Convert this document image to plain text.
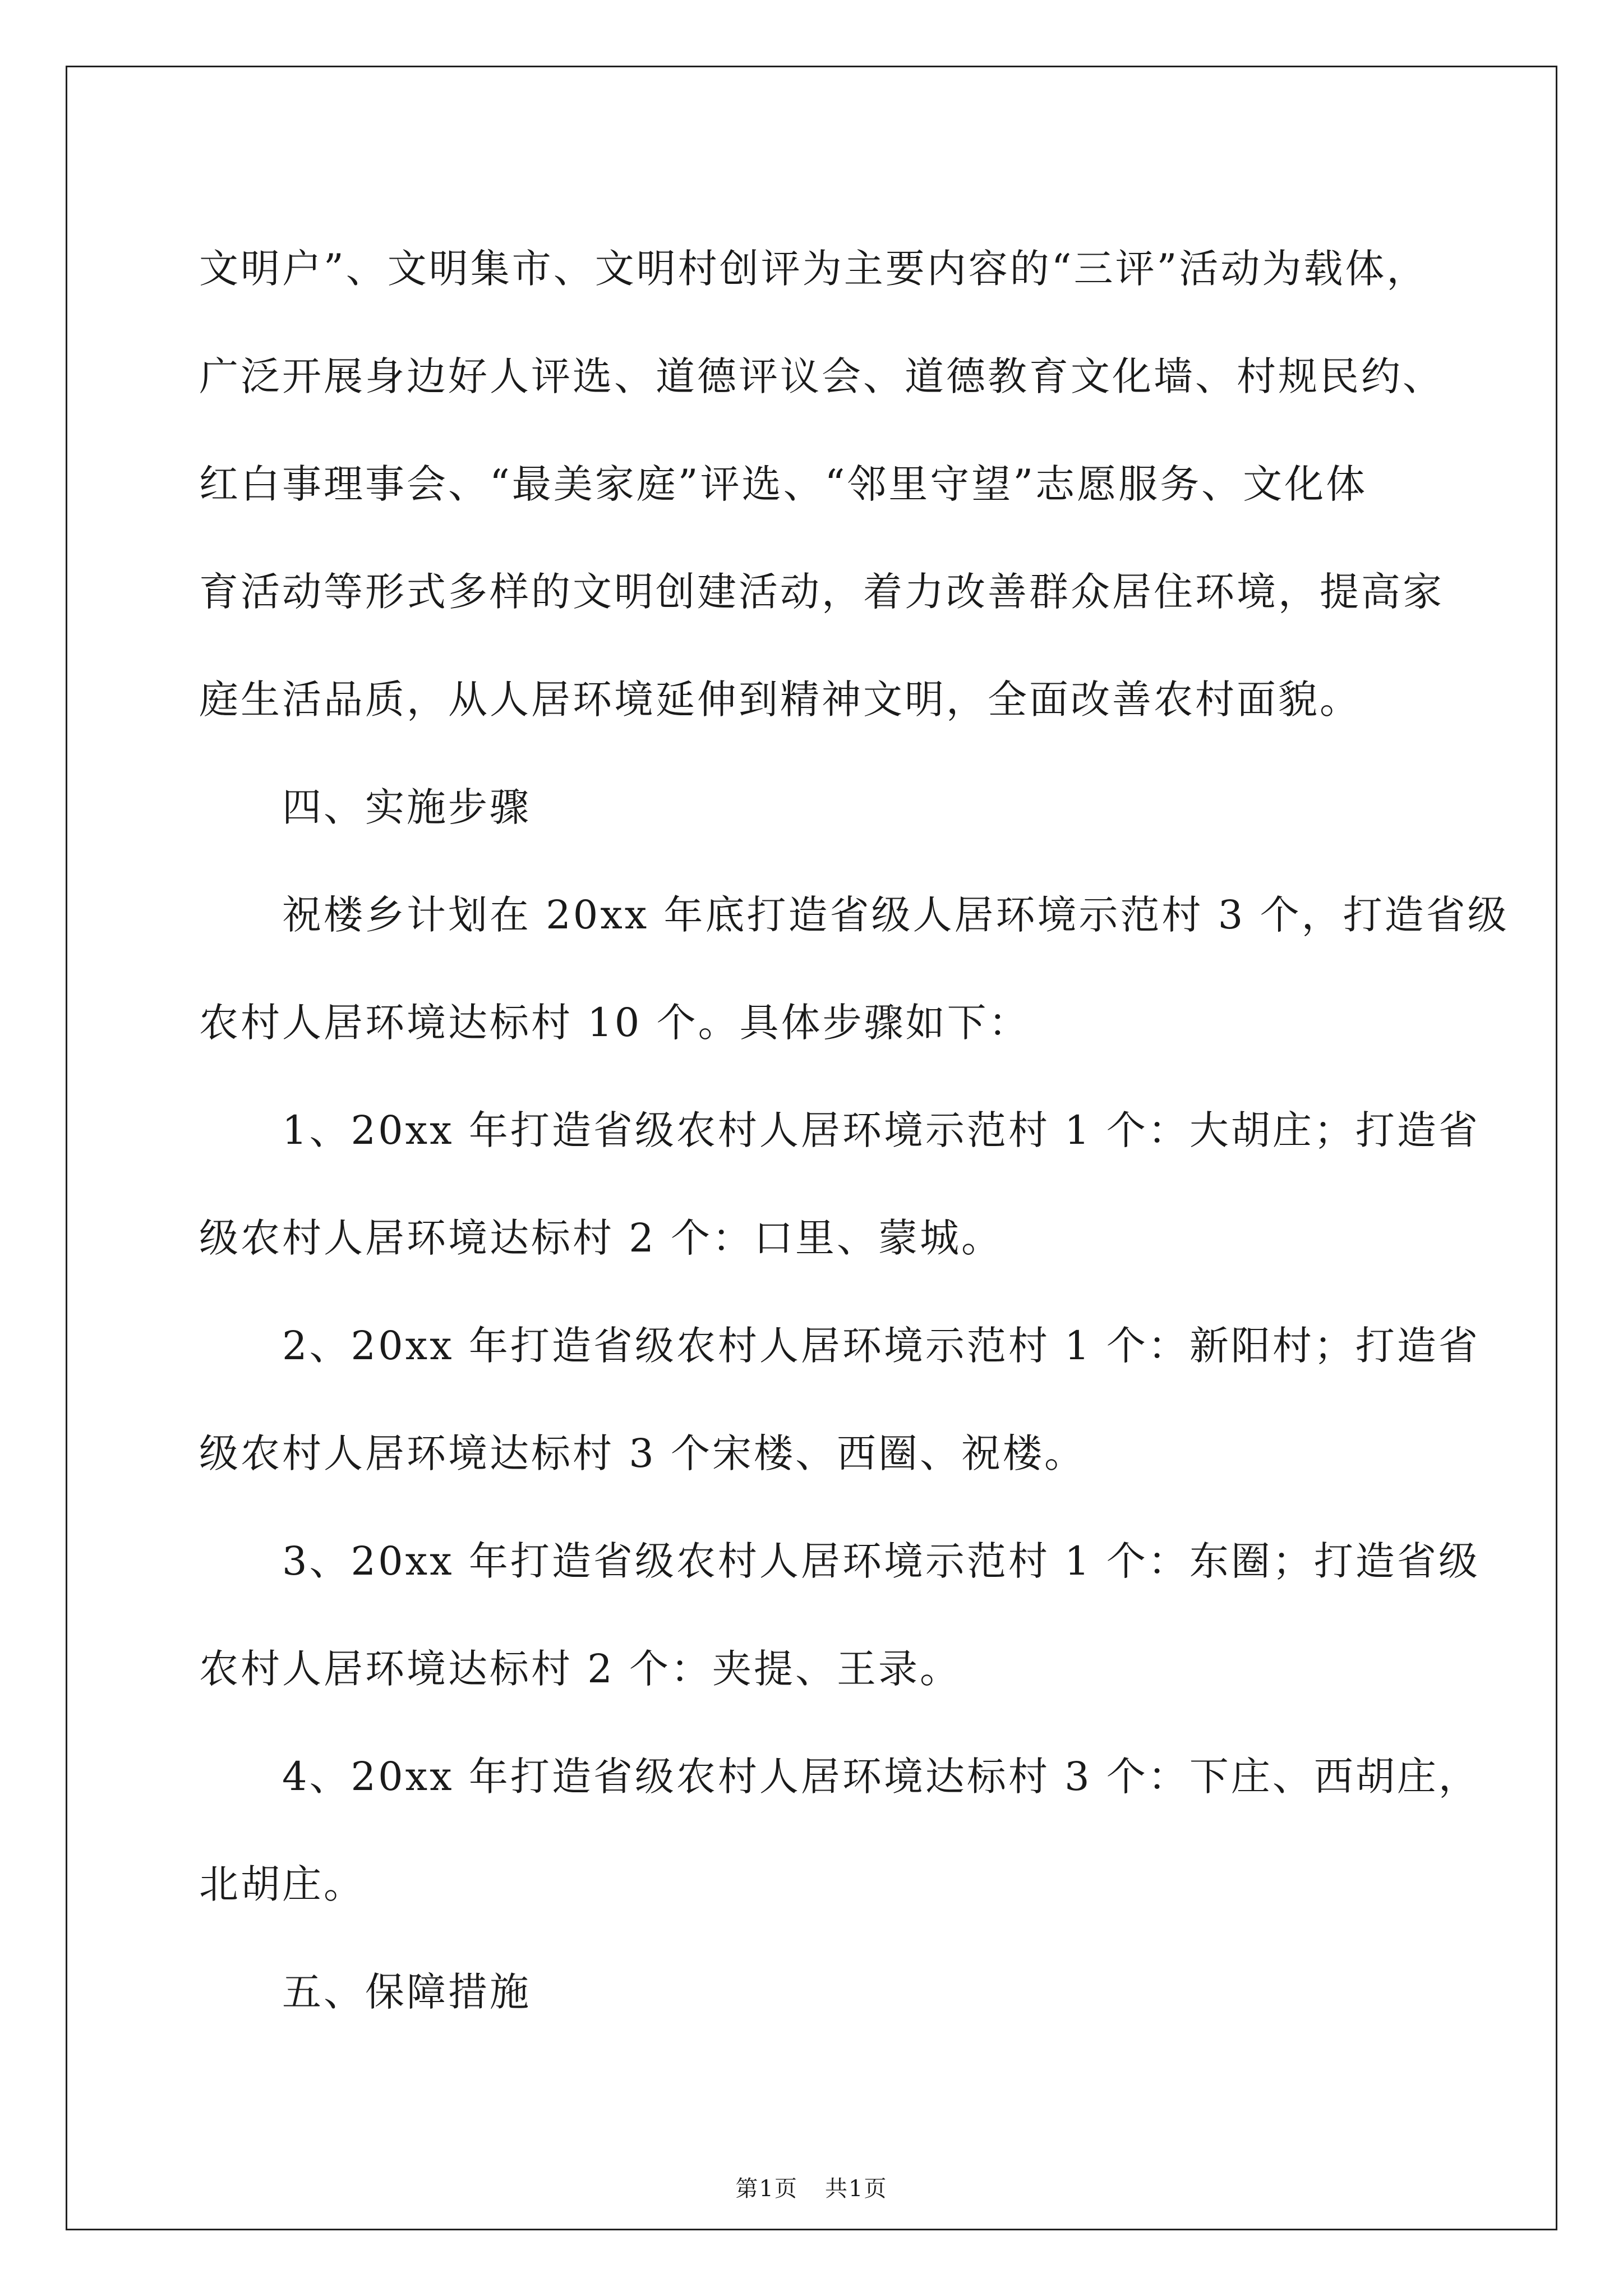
文明户”、文明集市、文明村创评为主要内容的“三评”活动为载体，

广泛开展身边好人评选、道德评议会、道德教育文化墙、村规民约、

红白事理事会、“最美家庭”评选、“邻里守望”志愿服务、文化体

育活动等形式多样的文明创建活动，着力改善群众居住环境，提高家

庭生活品质，从人居环境延伸到精神文明，全面改善农村面貌。

四、实施步骤

祝楼乡计划在 20xx 年底打造省级人居环境示范村 3 个，打造省级

农村人居环境达标村 10 个。具体步骤如下：

1、20xx 年打造省级农村人居环境示范村 1 个：大胡庄；打造省

级农村人居环境达标村 2 个：口里、蒙城。

2、20xx 年打造省级农村人居环境示范村 1 个：新阳村；打造省

级农村人居环境达标村 3 个宋楼、西圈、祝楼。

3、20xx 年打造省级农村人居环境示范村 1 个：东圈；打造省级

农村人居环境达标村 2 个：夹提、王录。

4、20xx 年打造省级农村人居环境达标村 3 个：下庄、西胡庄，

北胡庄。

五、保障措施

第1页 共1页
